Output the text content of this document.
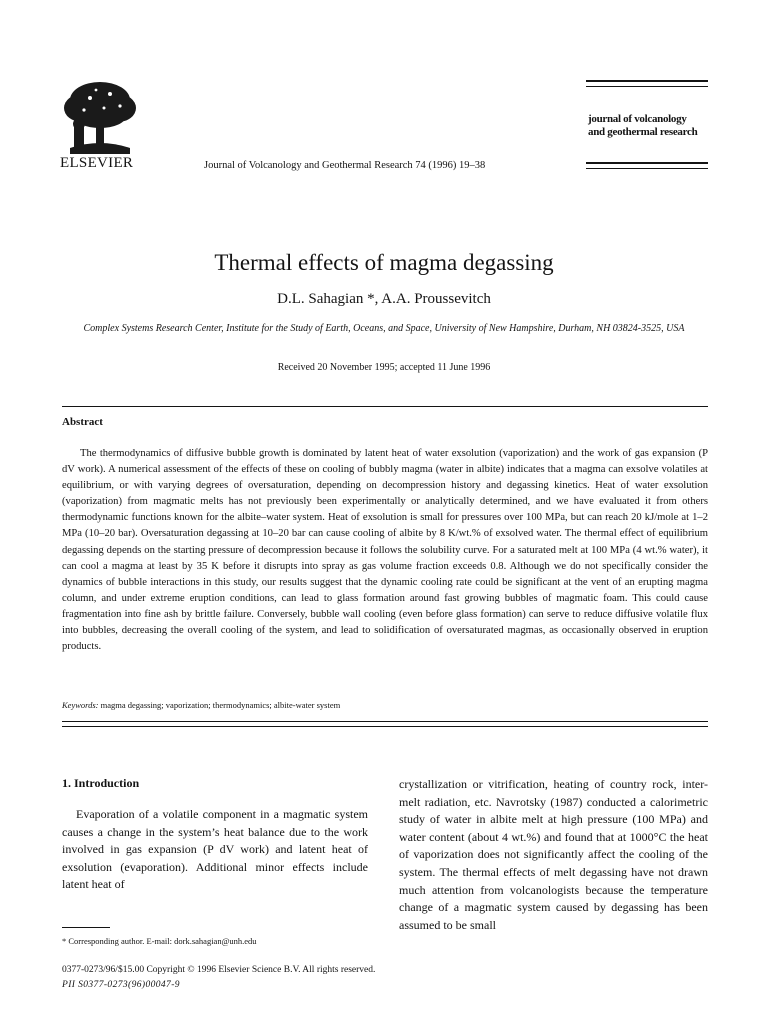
ELSEVIER	Journal of Volcanology and Geothermal Research 74 (1996) 19–38
journal of volcanology
and geothermal research
Thermal effects of magma degassing
D.L. Sahagian *, A.A. Proussevitch
Complex Systems Research Center, Institute for the Study of Earth, Oceans, and Space, University of New Hampshire, Durham, NH 03824-3525, USA
Received 20 November 1995; accepted 11 June 1996
Abstract

The thermodynamics of diffusive bubble growth is dominated by latent heat of water exsolution (vaporization) and the work of gas expansion (P dV work). A numerical assessment of the effects of these on cooling of bubbly magma (water in albite) indicates that a magma can exsolve volatiles at equilibrium, or with varying degrees of oversaturation, depending on decompression history and degassing kinetics. Heat of water exsolution (vaporization) from magmatic melts has not previously been experimentally or analytically determined, and we have evaluated it from others thermodynamic functions known for the albite–water system. Heat of exsolution is small for pressures over 100 MPa, but can reach 20 kJ/mole at 1–2 MPa (10–20 bar). Oversaturation degassing at 10–20 bar can cause cooling of albite by 8 K/wt.% of exsolved water. The thermal effect of equilibrium degassing depends on the starting pressure of decompression because it follows the solubility curve. For a saturated melt at 100 MPa (4 wt.% water), it can cool a magma at least by 35 K before it disrupts into spray as gas volume fraction exceeds 0.8. Although we do not specifically consider the dynamics of bubble interactions in this study, our results suggest that the dynamic cooling rate could be significant at the vent of an erupting magma column, and under extreme eruption conditions, can lead to glass formation around fast growing bubbles of magmatic foam. This could cause fragmentation into fine ash by brittle failure. Conversely, bubble wall cooling (even before glass formation) can serve to reduce diffusive volatile flux into bubbles, decreasing the overall cooling of the system, and lead to solidification of oversaturated magmas, as occasionally observed in eruption products.

Keywords: magma degassing; vaporization; thermodynamics; albite-water system
1. Introduction

Evaporation of a volatile component in a magmatic system causes a change in the system’s heat balance due to the work involved in gas expansion (P dV work) and latent heat of exsolution (evaporation). Additional minor effects include latent heat of

crystallization or vitrification, heating of country rock, inter-melt radiation, etc. Navrotsky (1987) conducted a calorimetric study of water in albite melt at high pressure (100 MPa) and water content (about 4 wt.%) and found that at 1000°C the heat of vaporization does not significantly affect the cooling of the system. The thermal effects of melt degassing have not drawn much attention from volcanologists because the temperature change of a magmatic system caused by degassing has been assumed to be small

* Corresponding author. E-mail: dork.sahagian@unh.edu
0377-0273/96/$15.00 Copyright © 1996 Elsevier Science B.V. All rights reserved.
PII S0377-0273(96)00047-9
